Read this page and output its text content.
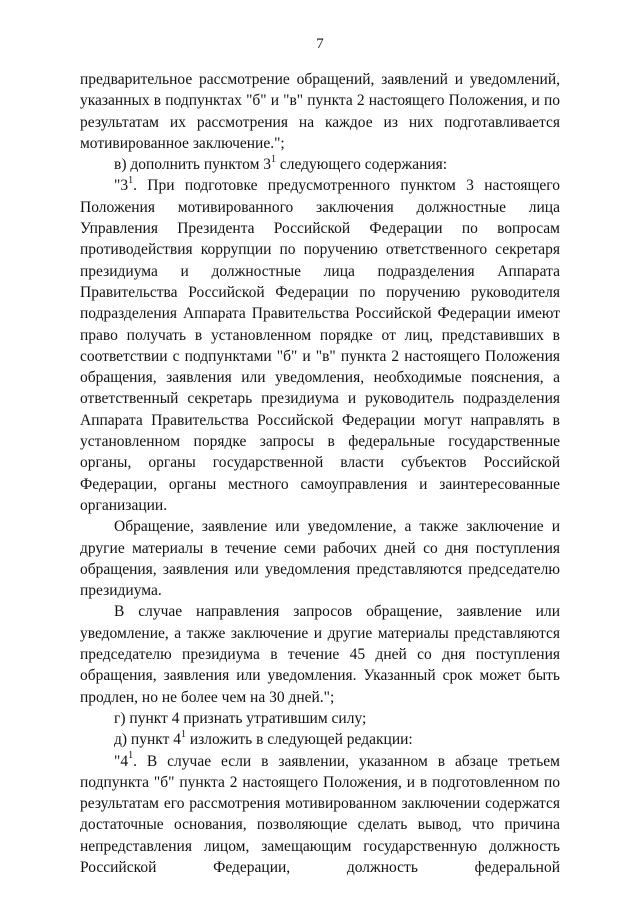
7

предварительное рассмотрение обращений, заявлений и уведомлений, указанных в подпунктах "б" и "в" пункта 2 настоящего Положения, и по результатам их рассмотрения на каждое из них подготавливается мотивированное заключение.";

в) дополнить пунктом $3^1$ следующего содержания:

"$3^1$. При подготовке предусмотренного пунктом 3 настоящего Положения мотивированного заключения должностные лица Управления Президента Российской Федерации по вопросам противодействия коррупции по поручению ответственного секретаря президиума и должностные лица подразделения Аппарата Правительства Российской Федерации по поручению руководителя подразделения Аппарата Правительства Российской Федерации имеют право получать в установленном порядке от лиц, представивших в соответствии с подпунктами "б" и "в" пункта 2 настоящего Положения обращения, заявления или уведомления, необходимые пояснения, а ответственный секретарь президиума и руководитель подразделения Аппарата Правительства Российской Федерации могут направлять в установленном порядке запросы в федеральные государственные органы, органы государственной власти субъектов Российской Федерации, органы местного самоуправления и заинтересованные организации.

Обращение, заявление или уведомление, а также заключение и другие материалы в течение семи рабочих дней со дня поступления обращения, заявления или уведомления представляются председателю президиума.

В случае направления запросов обращение, заявление или уведомление, а также заключение и другие материалы представляются председателю президиума в течение 45 дней со дня поступления обращения, заявления или уведомления. Указанный срок может быть продлен, но не более чем на 30 дней.";

г) пункт 4 признать утратившим силу;

д) пункт $4^1$ изложить в следующей редакции:

"$4^1$. В случае если в заявлении, указанном в абзаце третьем подпункта "б" пункта 2 настоящего Положения, и в подготовленном по результатам его рассмотрения мотивированном заключении содержатся достаточные основания, позволяющие сделать вывод, что причина непредставления лицом, замещающим государственную должность Российской Федерации, должность федеральной
